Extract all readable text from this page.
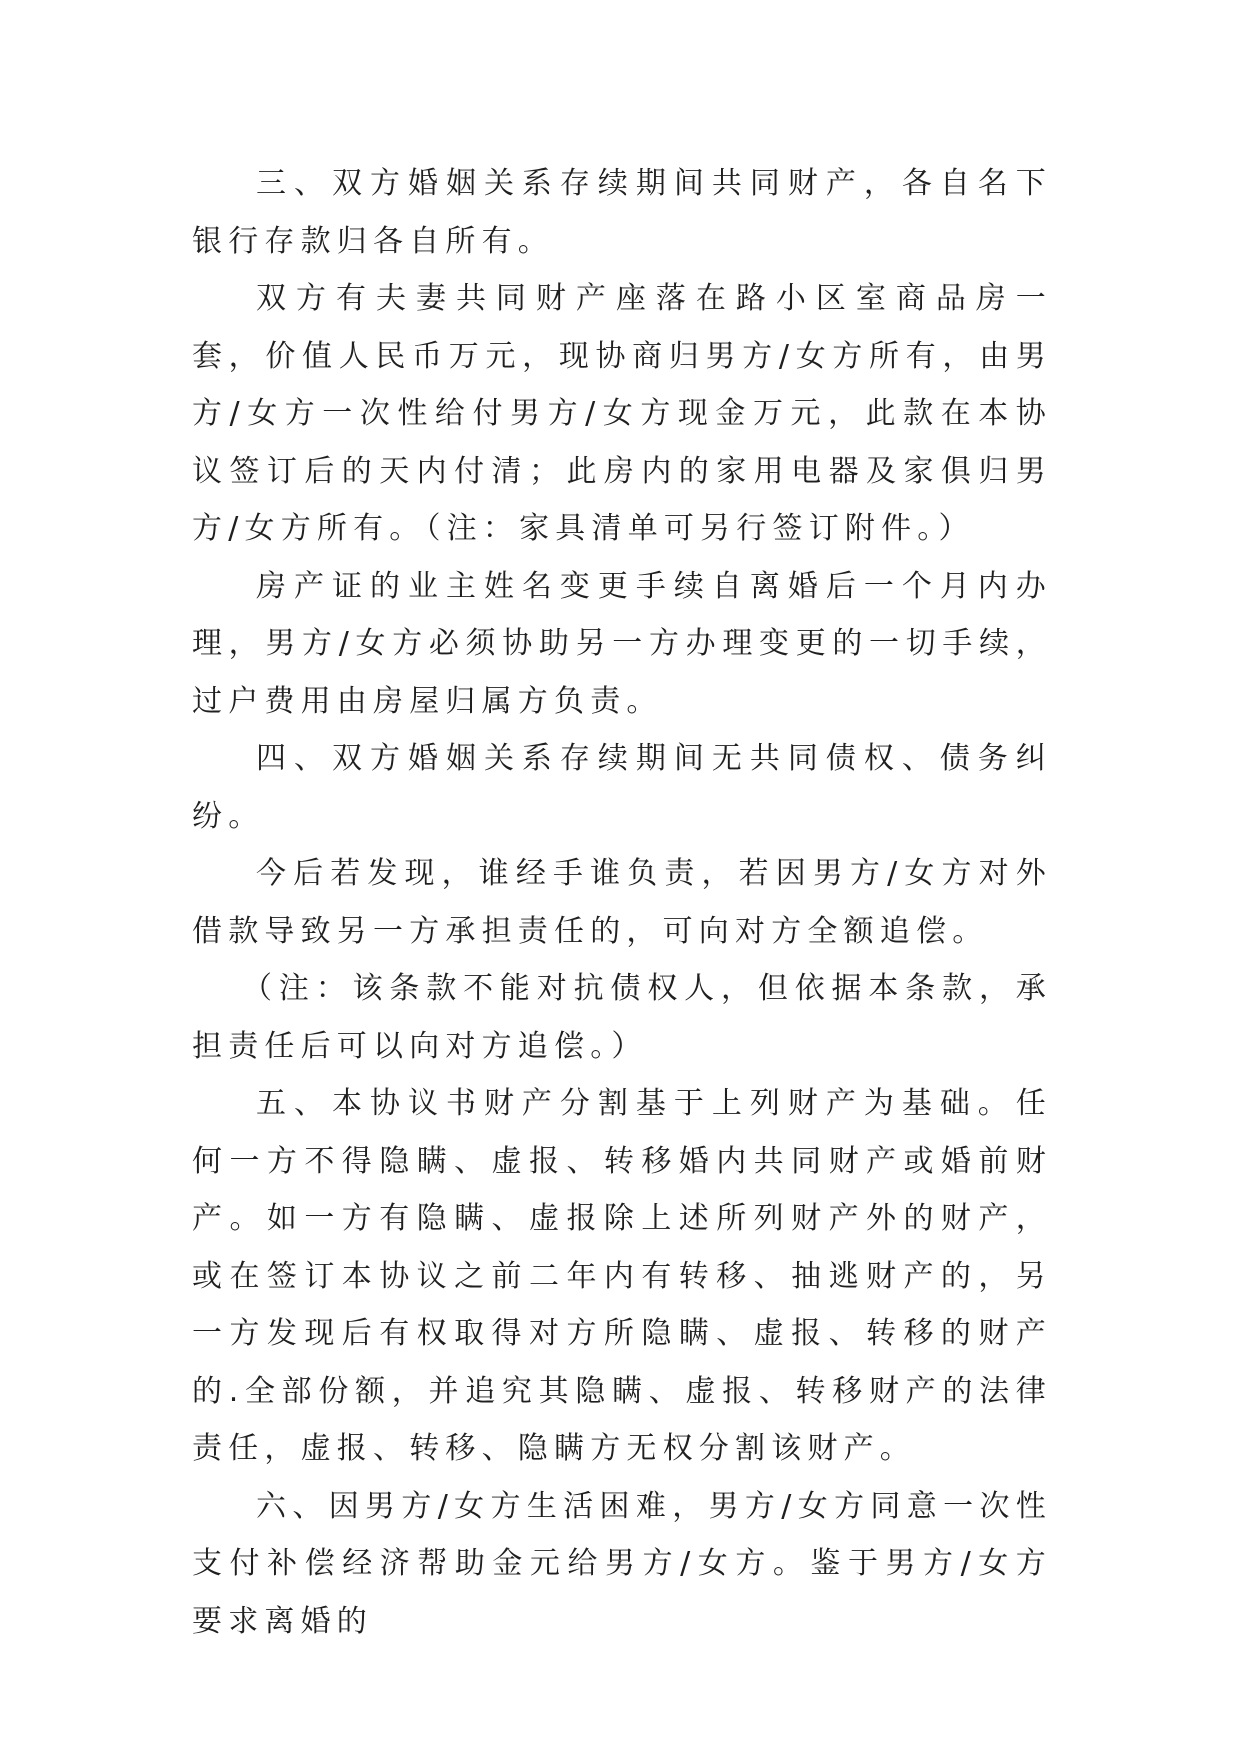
三、双方婚姻关系存续期间共同财产，各自名下银行存款归各自所有。

双方有夫妻共同财产座落在路小区室商品房一套，价值人民币万元，现协商归男方/女方所有，由男方/女方一次性给付男方/女方现金万元，此款在本协议签订后的天内付清；此房内的家用电器及家俱归男方/女方所有。（注：家具清单可另行签订附件。）

房产证的业主姓名变更手续自离婚后一个月内办理，男方/女方必须协助另一方办理变更的一切手续，过户费用由房屋归属方负责。

四、双方婚姻关系存续期间无共同债权、债务纠纷。

今后若发现，谁经手谁负责，若因男方/女方对外借款导致另一方承担责任的，可向对方全额追偿。

（注：该条款不能对抗债权人，但依据本条款，承担责任后可以向对方追偿。）

五、本协议书财产分割基于上列财产为基础。任何一方不得隐瞒、虚报、转移婚内共同财产或婚前财产。如一方有隐瞒、虚报除上述所列财产外的财产，或在签订本协议之前二年内有转移、抽逃财产的，另一方发现后有权取得对方所隐瞒、虚报、转移的财产的.全部份额，并追究其隐瞒、虚报、转移财产的法律责任，虚报、转移、隐瞒方无权分割该财产。

六、因男方/女方生活困难，男方/女方同意一次性支付补偿经济帮助金元给男方/女方。鉴于男方/女方要求离婚的
